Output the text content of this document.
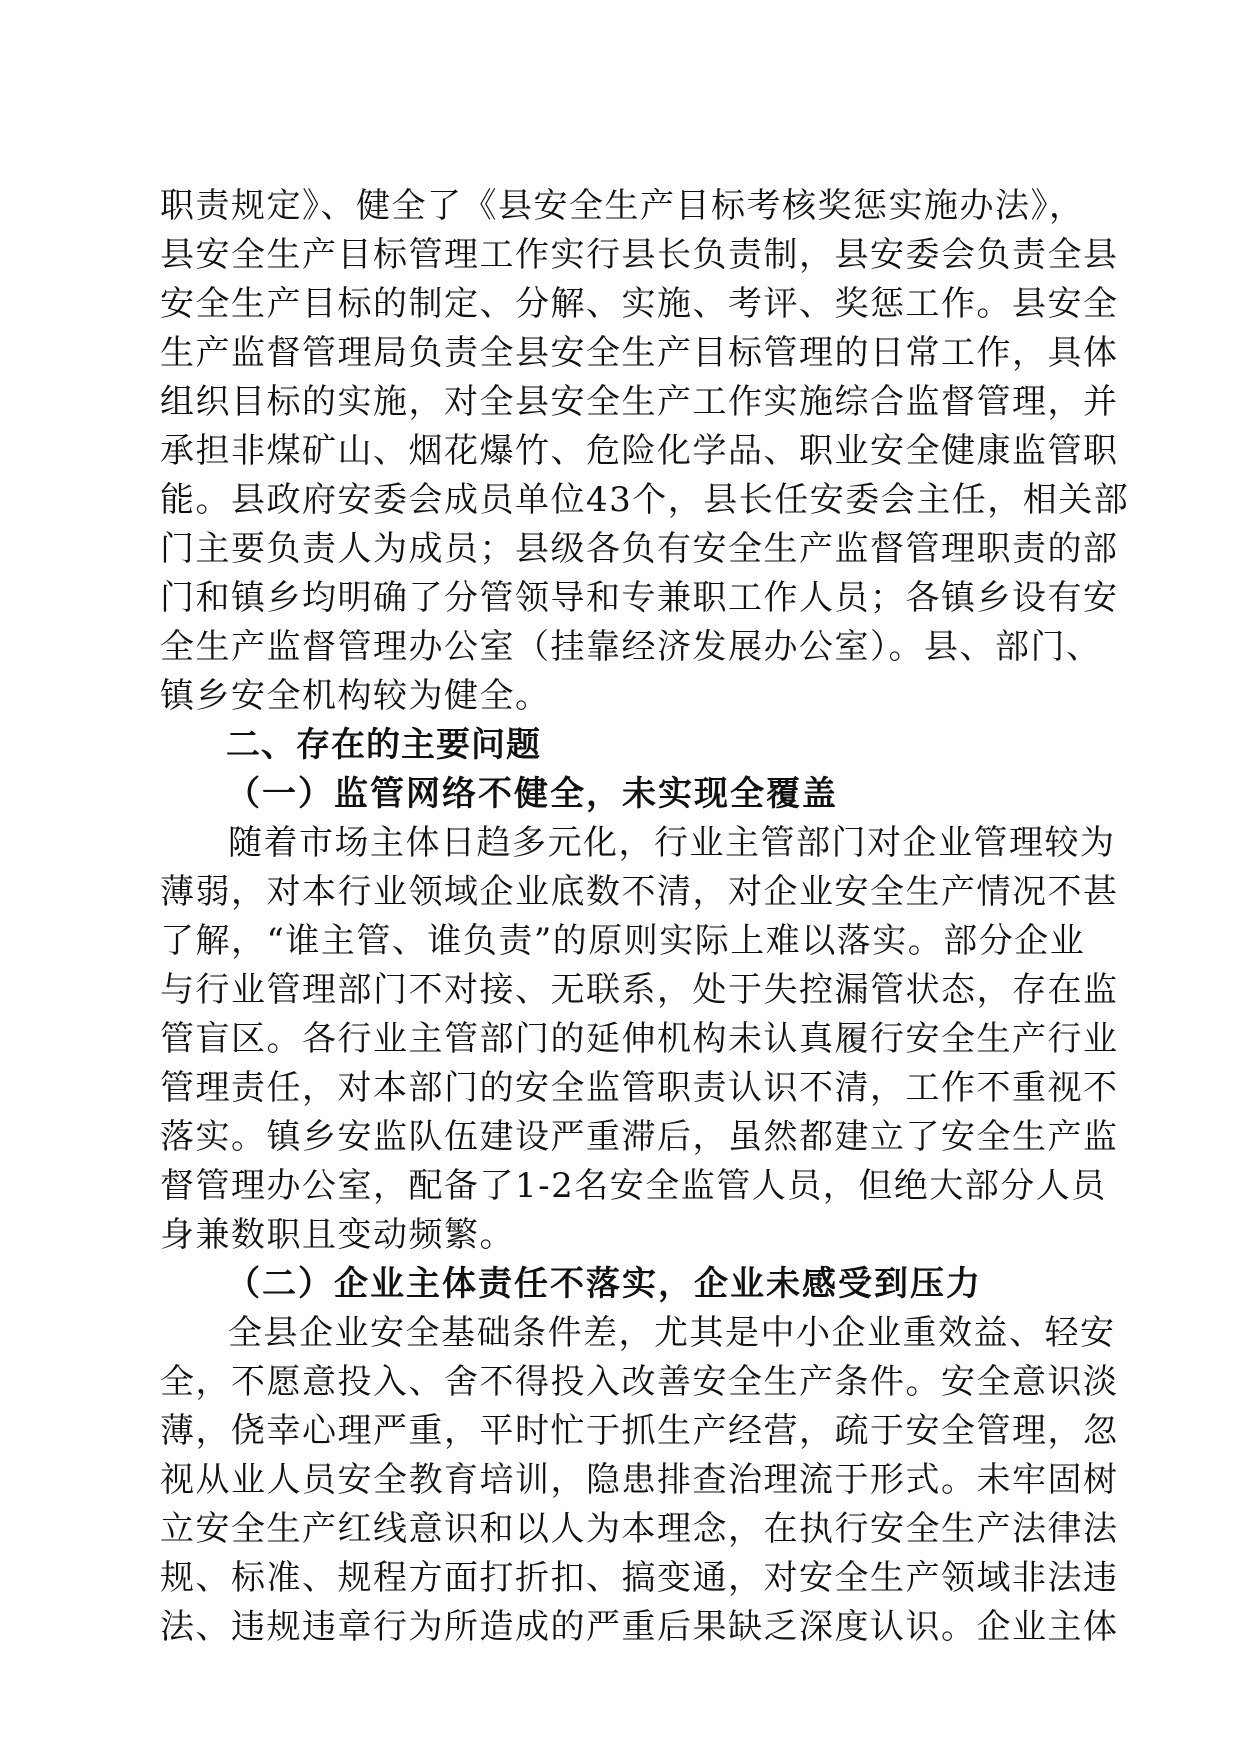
职责规定》、健全了《县安全生产目标考核奖惩实施办法》，
县安全生产目标管理工作实行县长负责制，县安委会负责全县
安全生产目标的制定、分解、实施、考评、奖惩工作。县安全
生产监督管理局负责全县安全生产目标管理的日常工作，具体
组织目标的实施，对全县安全生产工作实施综合监督管理，并
承担非煤矿山、烟花爆竹、危险化学品、职业安全健康监管职
能。县政府安委会成员单位43个，县长任安委会主任，相关部
门主要负责人为成员；县级各负有安全生产监督管理职责的部
门和镇乡均明确了分管领导和专兼职工作人员；各镇乡设有安
全生产监督管理办公室（挂靠经济发展办公室）。县、部门、
镇乡安全机构较为健全。
二、存在的主要问题
（一）监管网络不健全，未实现全覆盖
随着市场主体日趋多元化，行业主管部门对企业管理较为
薄弱，对本行业领域企业底数不清，对企业安全生产情况不甚
了解，“谁主管、谁负责”的原则实际上难以落实。部分企业
与行业管理部门不对接、无联系，处于失控漏管状态，存在监
管盲区。各行业主管部门的延伸机构未认真履行安全生产行业
管理责任，对本部门的安全监管职责认识不清，工作不重视不
落实。镇乡安监队伍建设严重滞后，虽然都建立了安全生产监
督管理办公室，配备了1-2名安全监管人员，但绝大部分人员
身兼数职且变动频繁。
（二）企业主体责任不落实，企业未感受到压力
全县企业安全基础条件差，尤其是中小企业重效益、轻安
全，不愿意投入、舍不得投入改善安全生产条件。安全意识淡
薄，侥幸心理严重，平时忙于抓生产经营，疏于安全管理，忽
视从业人员安全教育培训，隐患排查治理流于形式。未牢固树
立安全生产红线意识和以人为本理念，在执行安全生产法律法
规、标准、规程方面打折扣、搞变通，对安全生产领域非法违
法、违规违章行为所造成的严重后果缺乏深度认识。企业主体
